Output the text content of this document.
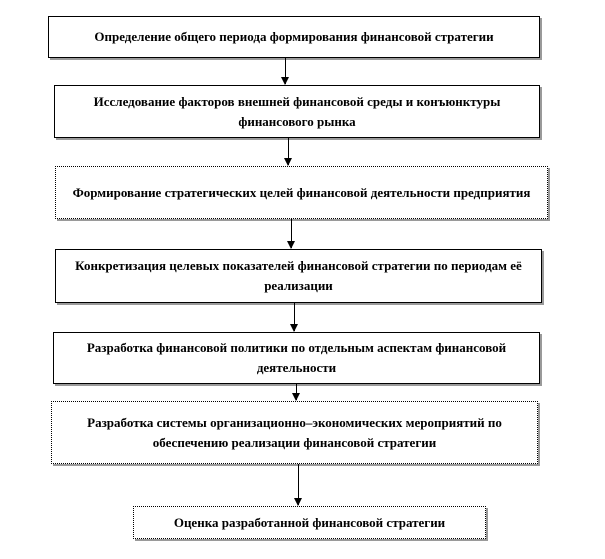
Определение общего периода формирования финансовой стратегии
Исследование факторов внешней финансовой среды и конъюнктуры финансового рынка
Формирование стратегических целей финансовой деятельности предприятия
Конкретизация целевых показателей финансовой стратегии по периодам её реализации
Разработка финансовой политики по отдельным аспектам финансовой деятельности
Разработка системы организационно–экономических мероприятий по обеспечению реализации финансовой стратегии
Оценка разработанной финансовой стратегии
